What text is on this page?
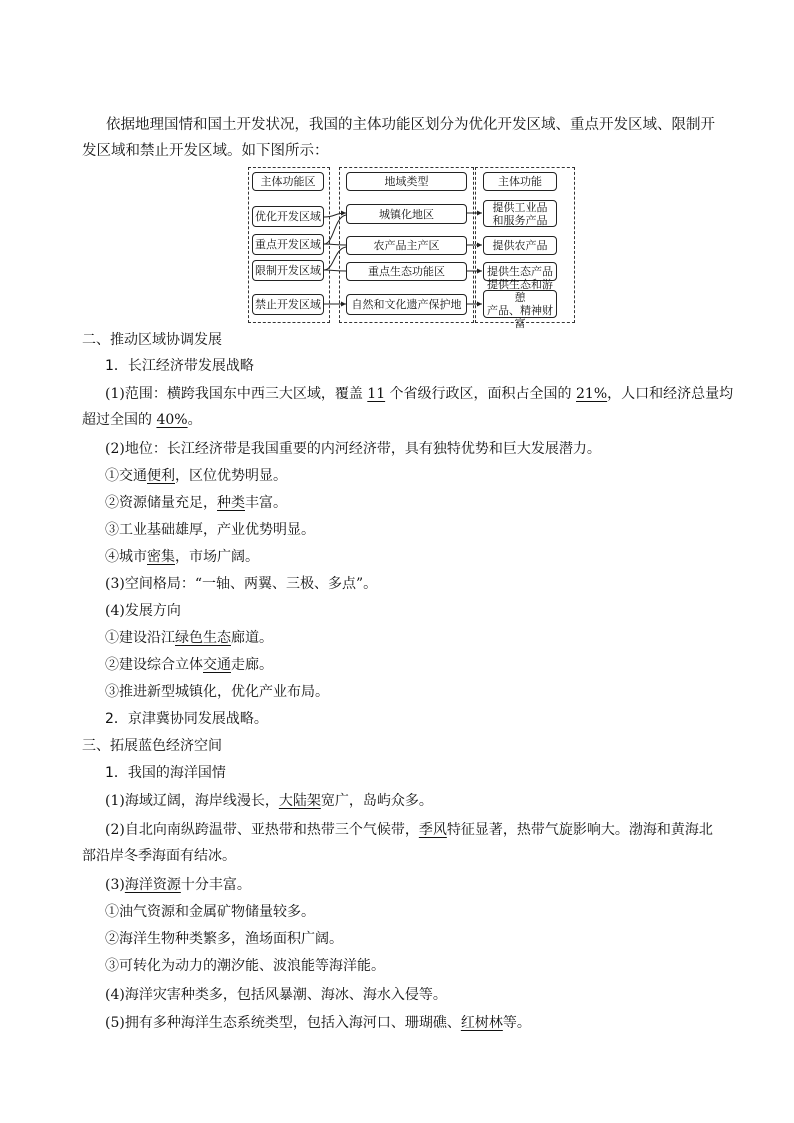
依据地理国情和国土开发状况，我国的主体功能区划分为优化开发区域、重点开发区域、限制开发区域和禁止开发区域。如下图所示：
主体功能区
优化开发区域
重点开发区域
限制开发区域
禁止开发区域
地域类型
城镇化地区
农产品主产区
重点生态功能区
自然和文化遗产保护地
主体功能
提供工业品
和服务产品
提供农产品
提供生态产品
提供生态和游憩
产品、精神财富
二、推动区域协调发展
1．长江经济带发展战略
(1)范围：横跨我国东中西三大区域，覆盖 11 个省级行政区，面积占全国的 21%，人口和经济总量均
超过全国的 40%。
(2)地位：长江经济带是我国重要的内河经济带，具有独特优势和巨大发展潜力。
①交通便利，区位优势明显。
②资源储量充足，种类丰富。
③工业基础雄厚，产业优势明显。
④城市密集，市场广阔。
(3)空间格局：“一轴、两翼、三极、多点”。
(4)发展方向
①建设沿江绿色生态廊道。
②建设综合立体交通走廊。
③推进新型城镇化，优化产业布局。
2．京津冀协同发展战略。
三、拓展蓝色经济空间
1．我国的海洋国情
(1)海域辽阔，海岸线漫长，大陆架宽广，岛屿众多。
(2)自北向南纵跨温带、亚热带和热带三个气候带，季风特征显著，热带气旋影响大。渤海和黄海北
部沿岸冬季海面有结冰。
(3)海洋资源十分丰富。
①油气资源和金属矿物储量较多。
②海洋生物种类繁多，渔场面积广阔。
③可转化为动力的潮汐能、波浪能等海洋能。
(4)海洋灾害种类多，包括风暴潮、海冰、海水入侵等。
(5)拥有多种海洋生态系统类型，包括入海河口、珊瑚礁、红树林等。
